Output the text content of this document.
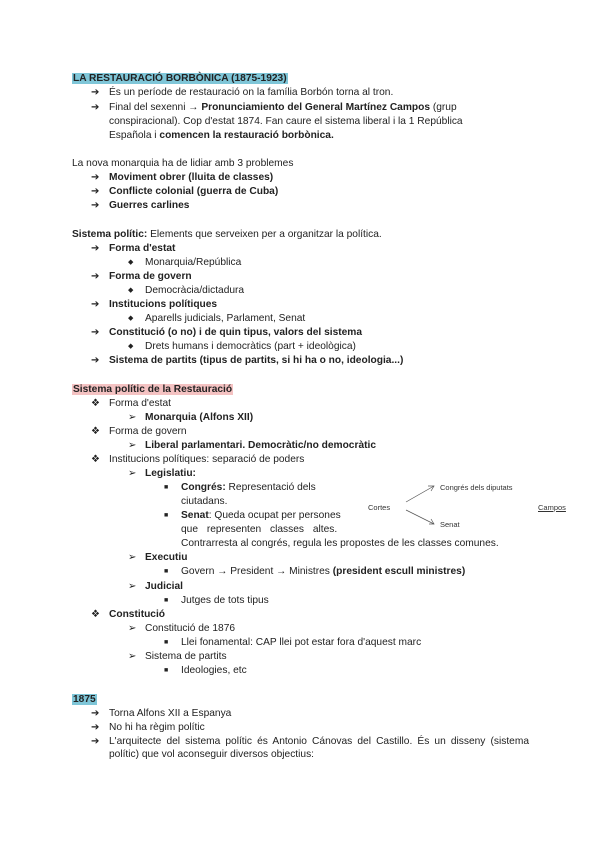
LA RESTAURACIÓ BORBÒNICA (1875-1923)
➔ És un període de restauració on la família Borbón torna al tron.
➔ Final del sexenni → Pronunciamiento del General Martínez Campos (grup
conspiracional). Cop d'estat 1874. Fan caure el sistema liberal i la 1 República
Española i comencen la restauració borbònica.
La nova monarquia ha de lidiar amb 3 problemes
➔ Moviment obrer (lluita de classes)
➔ Conflicte colonial (guerra de Cuba)
➔ Guerres carlines
Sistema polític: Elements que serveixen per a organitzar la política.
➔ Forma d'estat
◆ Monarquia/República
➔ Forma de govern
◆ Democràcia/dictadura
➔ Institucions polítiques
◆ Aparells judicials, Parlament, Senat
➔ Constitució (o no) i de quin tipus, valors del sistema
◆ Drets humans i democràtics (part + ideològica)
➔ Sistema de partits (tipus de partits, si hi ha o no, ideologia...)
Sistema polític de la Restauració
❖ Forma d'estat
➢ Monarquia (Alfons XII)
❖ Forma de govern
➢ Liberal parlamentari. Democràtic/no democràtic
❖ Institucions polítiques: separació de poders
➢ Legislatiu:
■ Congrés: Representació dels
ciutadans.
■ Senat: Queda ocupat per persones
que representen classes altes.
Contrarresta al congrés, regula les propostes de les classes comunes.
Cortes
Congrés dels diputats
Senat
Campos
➢ Executiu
■ Govern → President → Ministres (president escull ministres)
➢ Judicial
■ Jutges de tots tipus
❖ Constitució
➢ Constitució de 1876
■ Llei fonamental: CAP llei pot estar fora d'aquest marc
➢ Sistema de partits
■ Ideologies, etc
1875
➔ Torna Alfons XII a Espanya
➔ No hi ha règim polític
➔ L'arquitecte del sistema polític és Antonio Cánovas del Castillo. És un disseny (sistema polític) que vol aconseguir diversos objectius:
